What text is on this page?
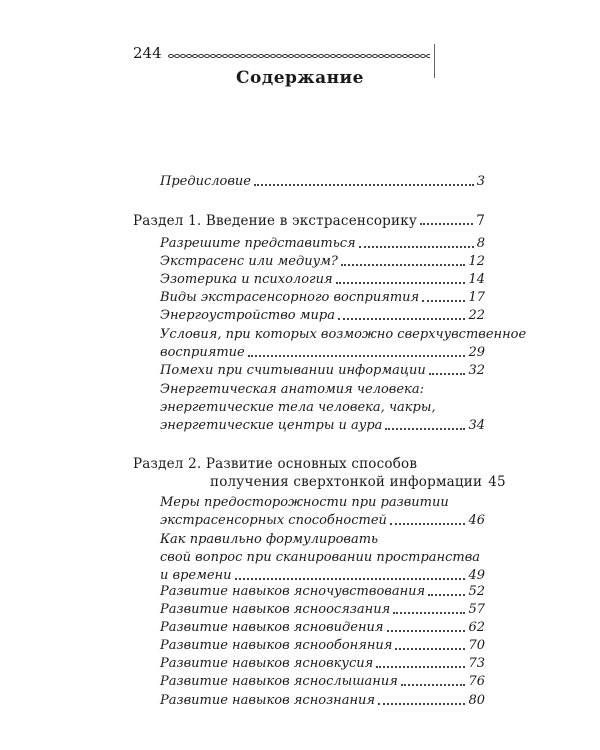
244
Содержание
Предисловие	3
Раздел 1. Введение в экстрасенсорику	7
Разрешите представиться	8
Экстрасенс или медиум?	12
Эзотерика и психология	14
Виды экстрасенсорного восприятия	17
Энергоустройство мира	22
Условия, при которых возможно сверхчувственное
восприятие	29
Помехи при считывании информации	32
Энергетическая анатомия человека:
энергетические тела человека, чакры,
энергетические центры и аура	34
Раздел 2. Развитие основных способов
получения сверхтонкой информации 45
Меры предосторожности при развитии
экстрасенсорных способностей	46
Как правильно формулировать
свой вопрос при сканировании пространства
и времени	49
Развитие навыков ясночувствования	52
Развитие навыков ясноосязания	57
Развитие навыков ясновидения	62
Развитие навыков яснообоняния	70
Развитие навыков ясновкусия	73
Развитие навыков яснослышания	76
Развитие навыков яснознания	80
